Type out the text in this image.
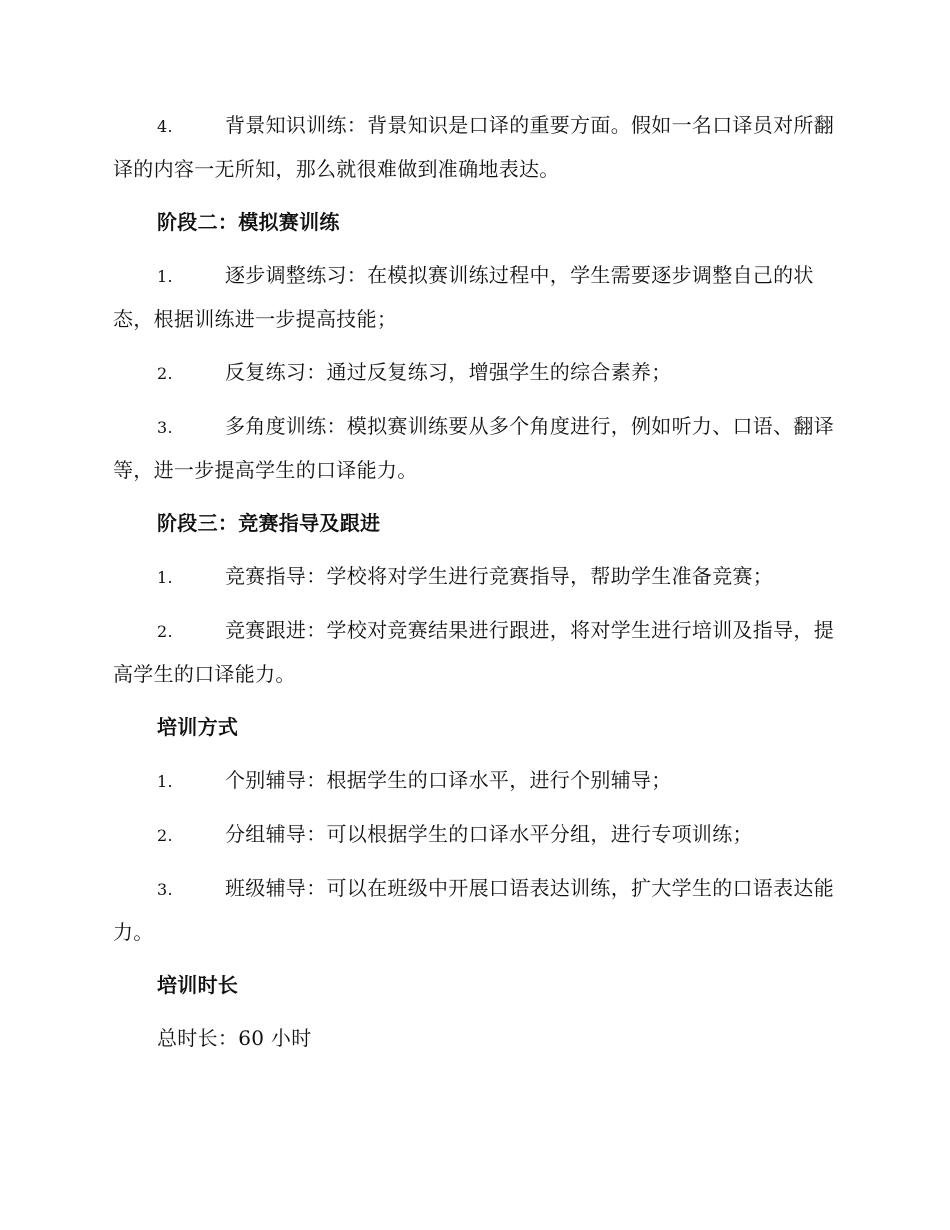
4.	背景知识训练：背景知识是口译的重要方面。假如一名口译员对所翻译的内容一无所知，那么就很难做到准确地表达。

阶段二：模拟赛训练

1.	逐步调整练习：在模拟赛训练过程中，学生需要逐步调整自己的状态，根据训练进一步提高技能；

2.	反复练习：通过反复练习，增强学生的综合素养；

3.	多角度训练：模拟赛训练要从多个角度进行，例如听力、口语、翻译等，进一步提高学生的口译能力。

阶段三：竞赛指导及跟进

1.	竞赛指导：学校将对学生进行竞赛指导，帮助学生准备竞赛；

2.	竞赛跟进：学校对竞赛结果进行跟进，将对学生进行培训及指导，提高学生的口译能力。

培训方式

1.	个别辅导：根据学生的口译水平，进行个别辅导；

2.	分组辅导：可以根据学生的口译水平分组，进行专项训练；

3.	班级辅导：可以在班级中开展口语表达训练，扩大学生的口语表达能力。

培训时长

总时长：60 小时
